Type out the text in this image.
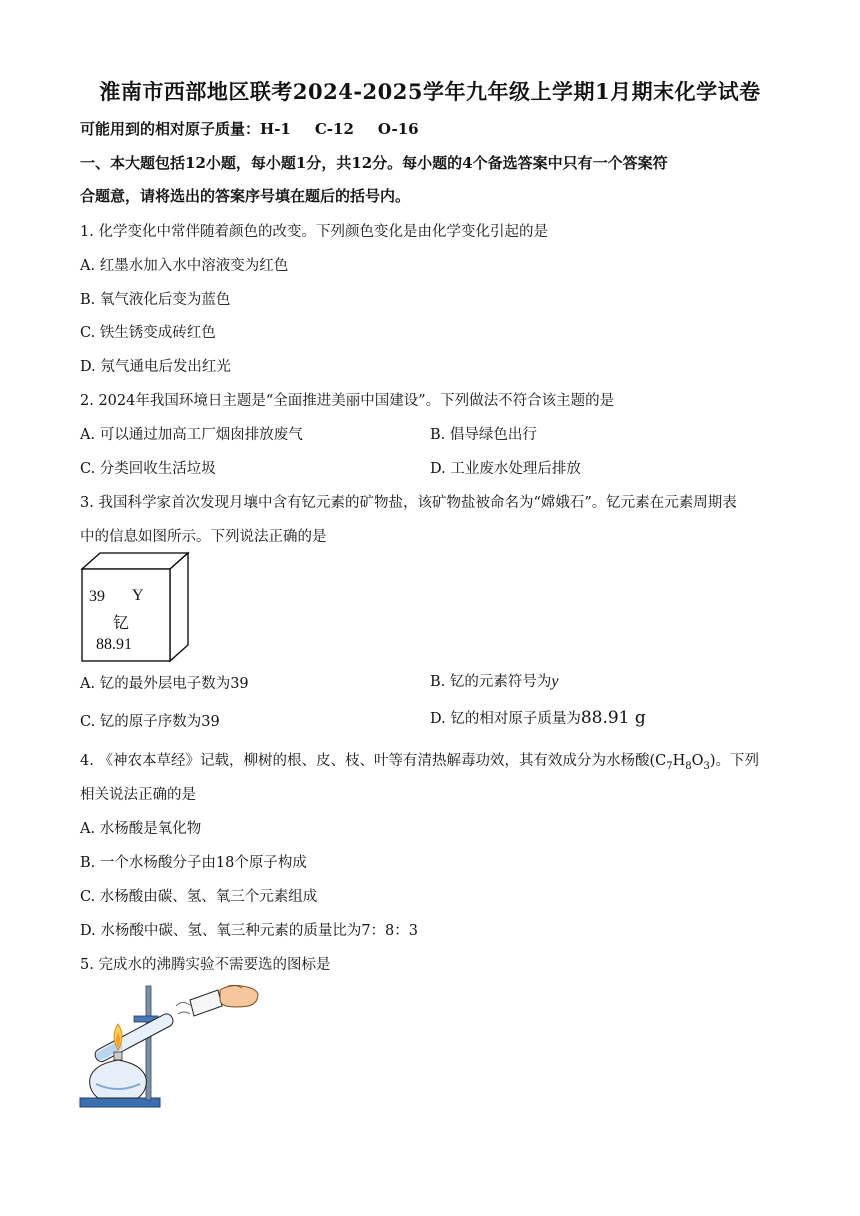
淮南市西部地区联考2024-2025学年九年级上学期1月期末化学试卷
可能用到的相对原子质量：H-1 C-12 O-16
一、本大题包括12小题，每小题1分，共12分。每小题的4个备选答案中只有一个答案符
合题意，请将选出的答案序号填在题后的括号内。
1. 化学变化中常伴随着颜色的改变。下列颜色变化是由化学变化引起的是
A. 红墨水加入水中溶液变为红色
B. 氧气液化后变为蓝色
C. 铁生锈变成砖红色
D. 氖气通电后发出红光
2. 2024年我国环境日主题是“全面推进美丽中国建设”。下列做法不符合该主题的是
A. 可以通过加高工厂烟囱排放废气	B. 倡导绿色出行
C. 分类回收生活垃圾	D. 工业废水处理后排放
3. 我国科学家首次发现月壤中含有钇元素的矿物盐，该矿物盐被命名为“嫦娥石”。钇元素在元素周期表
中的信息如图所示。下列说法正确的是
39 Y
钇
88.91
A. 钇的最外层电子数为39	B. 钇的元素符号为y
C. 钇的原子序数为39	D. 钇的相对原子质量为88.91 g
4. 《神农本草经》记载，柳树的根、皮、枝、叶等有清热解毒功效，其有效成分为水杨酸$(C_7H_8O_3)$。下列
相关说法正确的是
A. 水杨酸是氧化物
B. 一个水杨酸分子由18个原子构成
C. 水杨酸由碳、氢、氧三个元素组成
D. 水杨酸中碳、氢、氧三种元素的质量比为7：8：3
5. 完成水的沸腾实验不需要选的图标是
